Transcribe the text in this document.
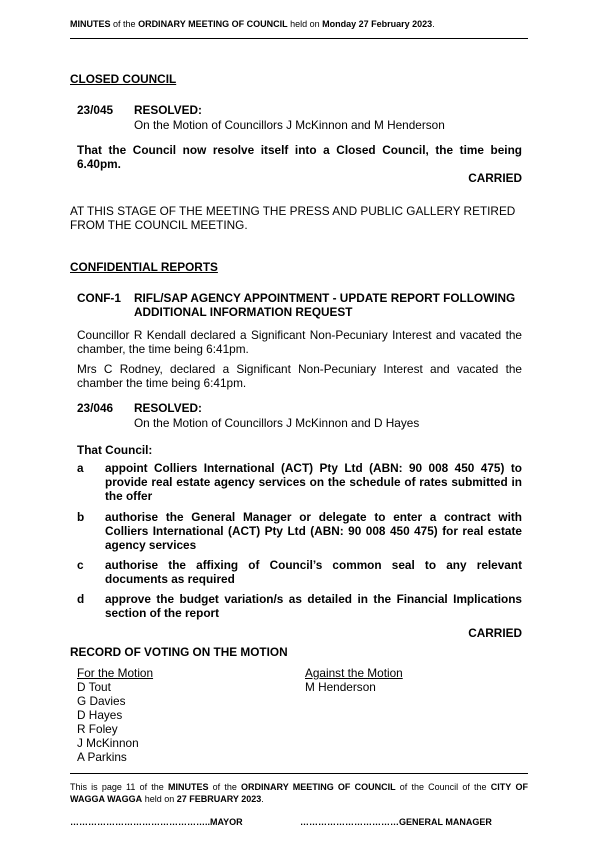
MINUTES of the ORDINARY MEETING OF COUNCIL held on Monday 27 February 2023.
CLOSED COUNCIL
23/045 RESOLVED:
On the Motion of Councillors J McKinnon and M Henderson
That the Council now resolve itself into a Closed Council, the time being
6.40pm.
CARRIED
AT THIS STAGE OF THE MEETING THE PRESS AND PUBLIC GALLERY RETIRED
FROM THE COUNCIL MEETING.
CONFIDENTIAL REPORTS
CONF-1 RIFL/SAP AGENCY APPOINTMENT - UPDATE REPORT FOLLOWING
ADDITIONAL INFORMATION REQUEST
Councillor R Kendall declared a Significant Non-Pecuniary Interest and vacated the
chamber, the time being 6:41pm.
Mrs C Rodney, declared a Significant Non-Pecuniary Interest and vacated the
chamber the time being 6:41pm.
23/046 RESOLVED:
On the Motion of Councillors J McKinnon and D Hayes
That Council:
a appoint Colliers International (ACT) Pty Ltd (ABN: 90 008 450 475) to
provide real estate agency services on the schedule of rates submitted in
the offer
b authorise the General Manager or delegate to enter a contract with
Colliers International (ACT) Pty Ltd (ABN: 90 008 450 475) for real estate
agency services
c authorise the affixing of Council’s common seal to any relevant
documents as required
d approve the budget variation/s as detailed in the Financial Implications
section of the report
CARRIED
RECORD OF VOTING ON THE MOTION
For the Motion
D Tout
G Davies
D Hayes
R Foley
J McKinnon
A Parkins
Against the Motion
M Henderson
This is page 11 of the MINUTES of the ORDINARY MEETING OF COUNCIL of the Council of the CITY OF WAGGA WAGGA held on 27 FEBRUARY 2023.
………………………………………..MAYOR	……………………………GENERAL MANAGER
